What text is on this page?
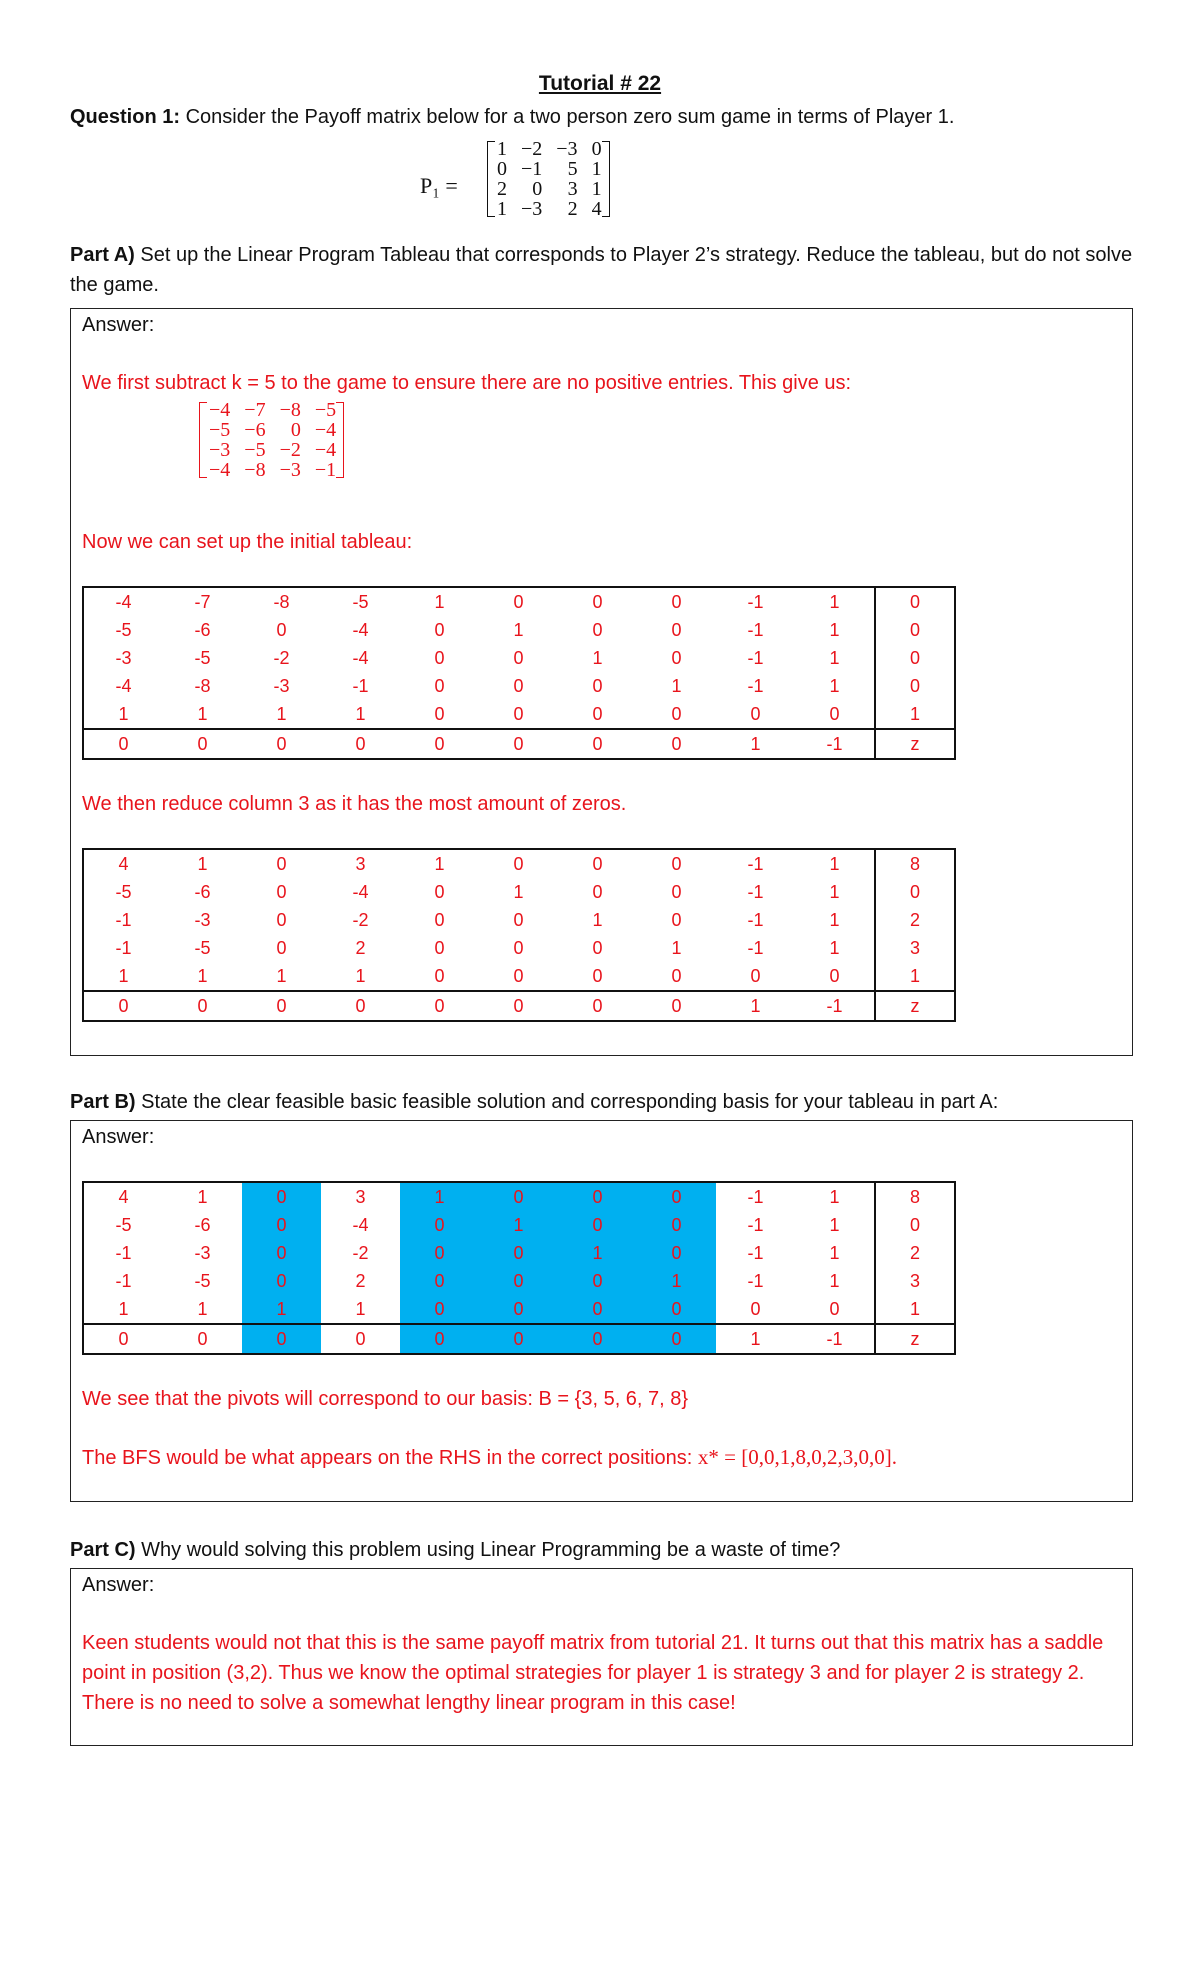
Tutorial # 22
Question 1: Consider the Payoff matrix below for a two person zero sum game in terms of Player 1.
P₁ =
1	−2	−3	0
0	−1	5	1
2	0	3	1
1	−3	2	4

Part A) Set up the Linear Program Tableau that corresponds to Player 2’s strategy. Reduce the tableau, but do not solve the game.
Answer:
We first subtract k = 5 to the game to ensure there are no positive entries. This give us:
−4	−7	−8	−5
−5	−6	0	−4
−3	−5	−2	−4
−4	−8	−3	−1
Now we can set up the initial tableau:
-4	-7	-8	-5	1	0	0	0	-1	1	0
-5	-6	0	-4	0	1	0	0	-1	1	0
-3	-5	-2	-4	0	0	1	0	-1	1	0
-4	-8	-3	-1	0	0	0	1	-1	1	0
1	1	1	1	0	0	0	0	0	0	1
0	0	0	0	0	0	0	0	1	-1	z
We then reduce column 3 as it has the most amount of zeros.
4	1	0	3	1	0	0	0	-1	1	8
-5	-6	0	-4	0	1	0	0	-1	1	0
-1	-3	0	-2	0	0	1	0	-1	1	2
-1	-5	0	2	0	0	0	1	-1	1	3
1	1	1	1	0	0	0	0	0	0	1
0	0	0	0	0	0	0	0	1	-1	z
Part B) State the clear feasible basic feasible solution and corresponding basis for your tableau in part A:
Answer:
4	1	0	3	1	0	0	0	-1	1	8
-5	-6	0	-4	0	1	0	0	-1	1	0
-1	-3	0	-2	0	0	1	0	-1	1	2
-1	-5	0	2	0	0	0	1	-1	1	3
1	1	1	1	0	0	0	0	0	0	1
0	0	0	0	0	0	0	0	1	-1	z
We see that the pivots will correspond to our basis: B = {3, 5, 6, 7, 8}
The BFS would be what appears on the RHS in the correct positions: x* = [0,0,1,8,0,2,3,0,0].
Part C) Why would solving this problem using Linear Programming be a waste of time?
Answer:
Keen students would not that this is the same payoff matrix from tutorial 21. It turns out that this matrix has a saddle point in position (3,2). Thus we know the optimal strategies for player 1 is strategy 3 and for player 2 is strategy 2. There is no need to solve a somewhat lengthy linear program in this case!
